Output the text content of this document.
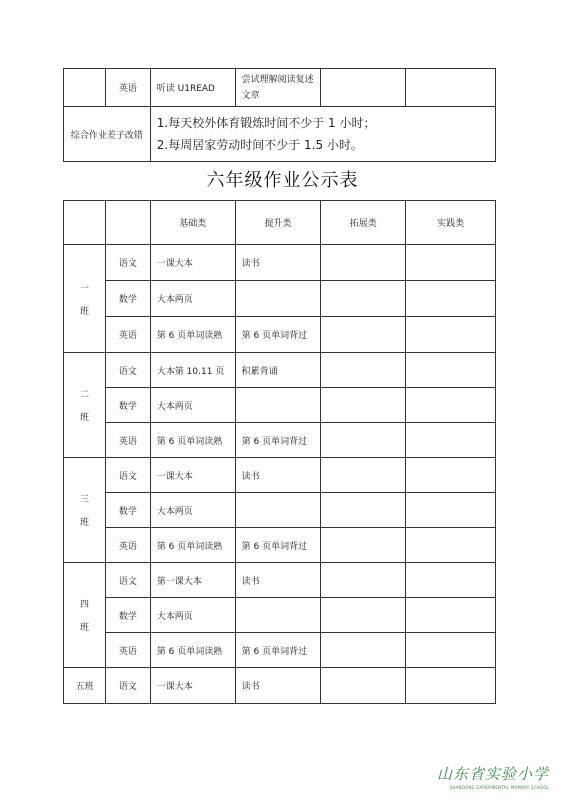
	英语	听读 U1READ	尝试理解阅读复述文章		
综合作业差子改错		1.每天校外体育锻炼时间不少于 1 小时；
2.每周居家劳动时间不少于 1.5 小时。			
六年级作业公示表
		基础类	提升类	拓展类	实践类

一
班	语文	一课大本	读书		
	数学	大本两页			
	英语	第 6 页单词读熟	第 6 页单词背过		

二
班	语文	大本第 10.11 页	积累背诵		
	数学	大本两页			
	英语	第 6 页单词读熟	第 6 页单词背过		

三
班	语文	一课大本	读书		
	数学	大本两页			
	英语	第 6 页单词读熟	第 6 页单词背过		

四
班	语文	第一课大本	读书		
	数学	大本两页			
	英语	第 6 页单词读熟	第 6 页单词背过		
五班	语文	一课大本	读书		
山东省实验小学
SHANDONG EXPERIMENTAL PRIMARY SCHOOL
